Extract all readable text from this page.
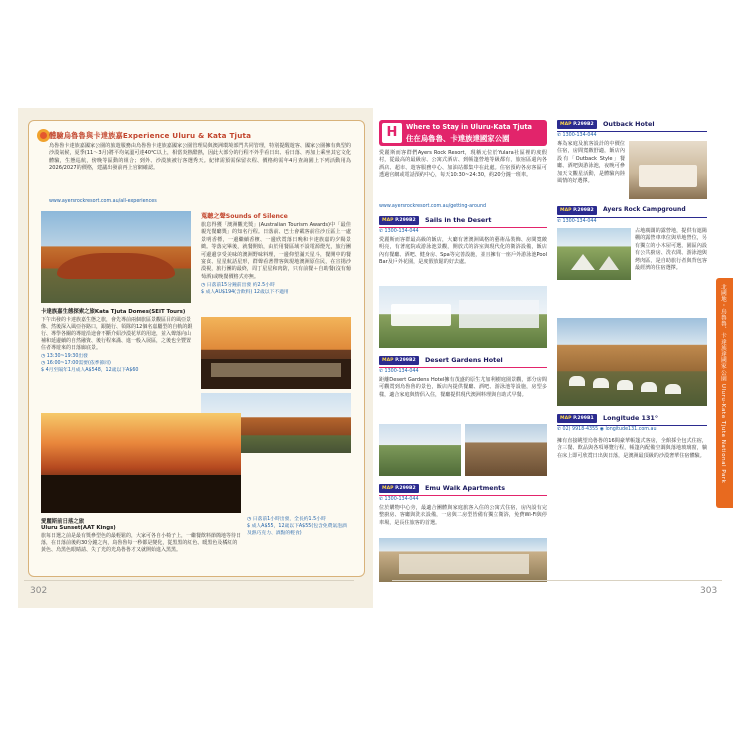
體驗烏魯魯與卡達族嘉Experience Uluru & Kata Tjuta
烏魯魯卡達族嘉國家公園的旅遊服務由烏魯魯卡達族嘉國家公園管理局與澳洲環境部門共同管理，特別提醒遊客、國家公園擁有典型的沙漠氣候，夏季(11～3月)將平均氣溫可達40℃以上，相當炎熱酷熱，因此大部分的行程不外乎看日出、看日落、再加上乘坐其它文化體驗，生態巡航，傍晚等區動的組合；到外、沙漠族被行客選秀天。紀律需預需保留衣程、價格約需年4月查詢園上下列活動用為2026/2027的價格，建議出發前再上官網確認。
www.ayersrockresort.com.au/all-experiences
卡達族嘉生態探索之旅Kata Tjuta Domes(SEIT Tours)
下午出發的卡達族嘉生態之旅，會先導前兩個旅區景觀區目的風亞景像、然後深入風亞谷路口，跟隨行、領隊的12個名嘉屬型的自軌的銀行、導學各關的導遊沿途會不斷介紹沙漠花草的用途，並入聲落向山補和延邊續的自然融資、後行程來滿、進一般入展區，之後也全豐置住者導遊來的日落廊底景。
◷ 13:30~19:30出發
◷ 16:00~17:00需要(依季節同)
$ 4月至隔年1月成人A$548，12歲以下A$60
蒐聽之聲Sounds of Silence
旅息得獲「澳洲觀光獎」(Australian Tourism Awards)中「最佳親光餐廳獎」的知名行程。日落前、巴士會載客前往沙丘區上一處景明香標，一邊繼續香檳、一邊欣賞落日晚和卡達族嘉的夕陽景緻。等落完畢後，就餐開始，由於用餐區域不設電源燈光，旅行團可邊邊享受美味的澳洲野味料理，一邊仰望滿天星斗，餐開中的餐宴食、星星航話星形，群聲看著帶客與現地澳洲原住民，在宣揚沙漠視，旅行團的最終，周丁星星和肉防，只有前餐＋自助餐(沒有葡萄酒)或晚餐價格式亦無。
◷ 日落前15分鐘前出發 約2.5小時
$ 成人AU$194(含飲料) 12歲以下不適用
愛麗斯前日落之旅
Uluru Sunset(AAT Kings)
旅每日選之前是最有獎參型色的最輕鬆的，大家可各自小椅子上，一繼餐飲料節簡地等待日落，在日落前後約30分鐘之內，鳥魯魯每一秒都是變化，從黑黑的紅色、暖黑色及橘紅的黃色、烏黑色眼睛請、失了光的光鳥魯魯才又就開始進入黑黑。
◷ 日落前1小時出發，全長約1.5小時
$ 成人A$55，12歲以下A$55(包含免費氣泡酒及熱巧克力、酒點的輕食)
H	Where to Stay in Uluru-Kata Tjuta
住在烏魯魯、卡達族達國家公園
愛麗斯而客群們Ayers Rock Resort，現稱元位於Yulara社區裡的度假村，從最高的最級房、公寓式酒店、到帳篷營地等級都有，旅宿區還內各酒店、超市、遊客服務中心、加油站都集中在此處。住宿預約各房客區可透過官網或電話預約中心，每天10:30~24:30，約20分鐘一班車。
www.ayersrockresort.com.au/getting-around
MAP P.299B2	Sails in the Desert
✆ 1300-134-044
愛麗斯而客群最高級的飯店，大廳有著澳洲風格的藝術品裝飾、房間寬敞明亮，有著庭院或游泳池景觀，開放式的浴室與現代化的衛浴設備，飯店內有餐廳、酒吧、健身房、Spa等完善設施，並且擁有一座戶外游泳池Pool Bar及戶外花園，是度假放鬆的好去處。
MAP P.299B2	Desert Gardens Hotel
✆ 1300-134-044
距離Desert Gardens Hotel擁有茂盛的原生尤加利樹庭園景觀，部分房間可觀賞到烏魯魯的景色，飯店內提供餐廳、酒吧、游泳池等設施，房型多樣，適合家庭與情侶入住，餐廳提供現代澳洲料理與自助式早餐。
MAP P.299B2	Emu Walk Apartments
✆ 1300-134-044
位於購物中心旁，最適合團體與家庭旅客入住的公寓式住宿，房內設有完整廚房、客廳與洗衣設備，一房與二房型皆備有獨立衛浴，免費Wi-Fi與停車場，是長住旅客的首選。
MAP P.299B2	Outback Hotel
✆ 1300-134-044
專為家庭及旅客設計的中價位住宿，房間寬敞舒適，飯店內設有「Outback Style」餐廳、酒吧與游泳池，夜晚可參加天文觀星活動，是體驗內陸風情的好選擇。
MAP P.299B2	Ayers Rock Campground
✆ 1300-134-044
占地廣闊的露營地，提供有遮陽棚的露營車車位與草地營位，另有獨立的小木屋可選，園區內設有公共廚房、洗衣間、游泳池與烤肉區，是自助旅行者與背包客最經濟的住宿選擇。
MAP P.299B1	Longitude 131°
✆ 02) 9918-4355 ◉ longitude131.com.au
擁有直接眺望烏魯魯的16間豪華帳篷式客房，全館採全包式住宿，含三餐、飲品與各項導覽行程，帳篷內配備空調與落地玻璃窗，躺在床上即可欣賞日出與日落，是澳洲最頂級的沙漠奢華住宿體驗。	北國地・烏魯魯、卡達族達國家公園 Uluru-Kata Tjuta National Park
302	303
